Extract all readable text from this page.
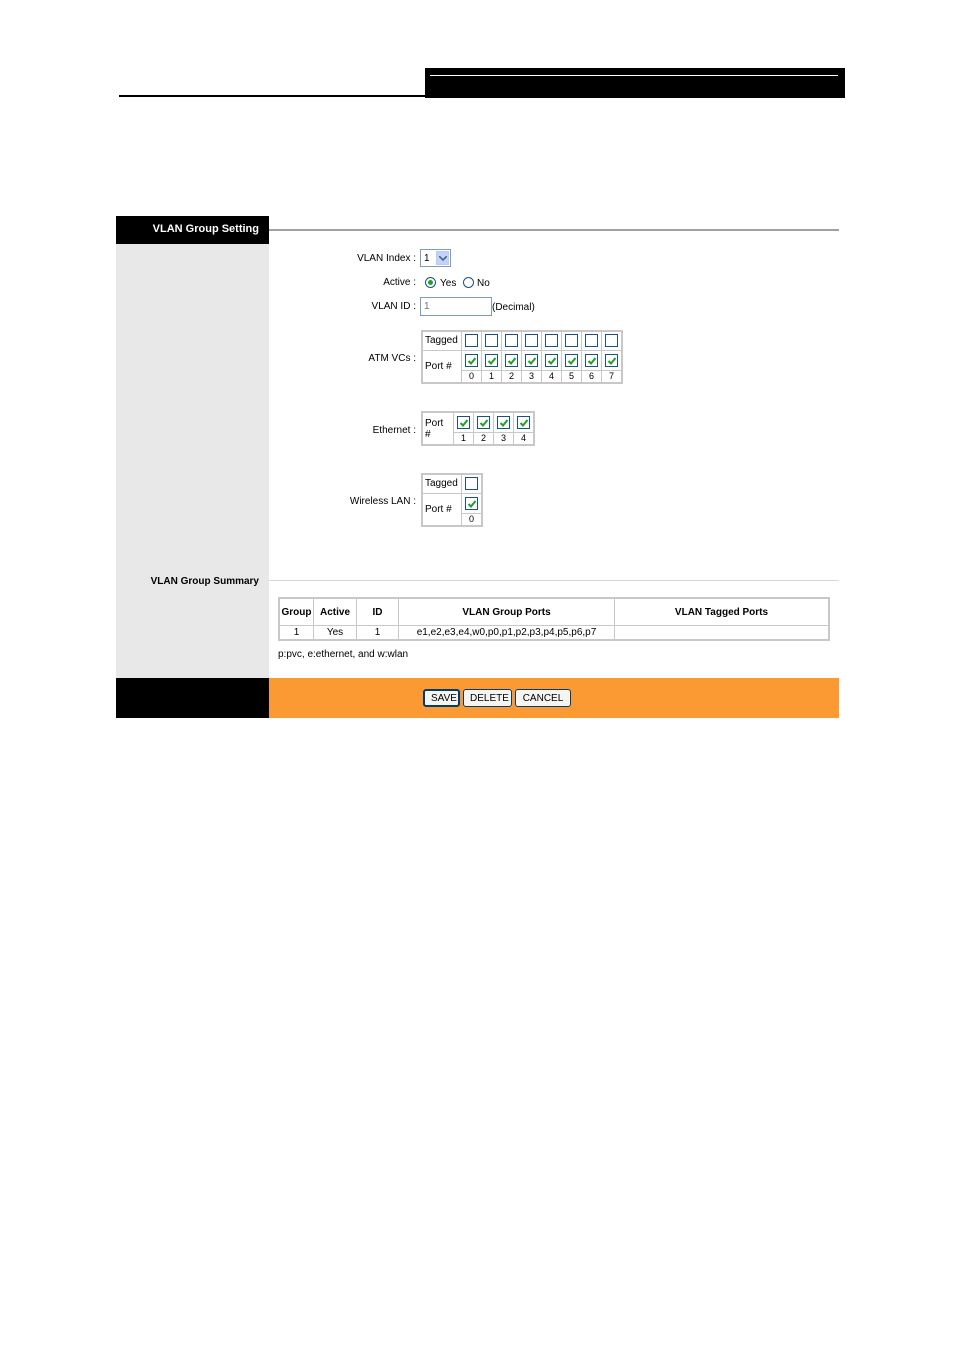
VLAN Group Setting
VLAN Index : 1
Active : Yes No
VLAN ID :
1	(Decimal)
ATM VCs :
Tagged								
Port #	

	0	1	2	3	4	5	6	7
Ethernet :
Port #	

	1	2	3	4
Wireless LAN :
Tagged	
Port #	

	0
VLAN Group Summary
Group	Active	ID	VLAN Group Ports	VLAN Tagged Ports
1	Yes	1	e1,e2,e3,e4,w0,p0,p1,p2,p3,p4,p5,p6,p7	
p:pvc, e:ethernet, and w:wlan
SAVE	DELETE	CANCEL
